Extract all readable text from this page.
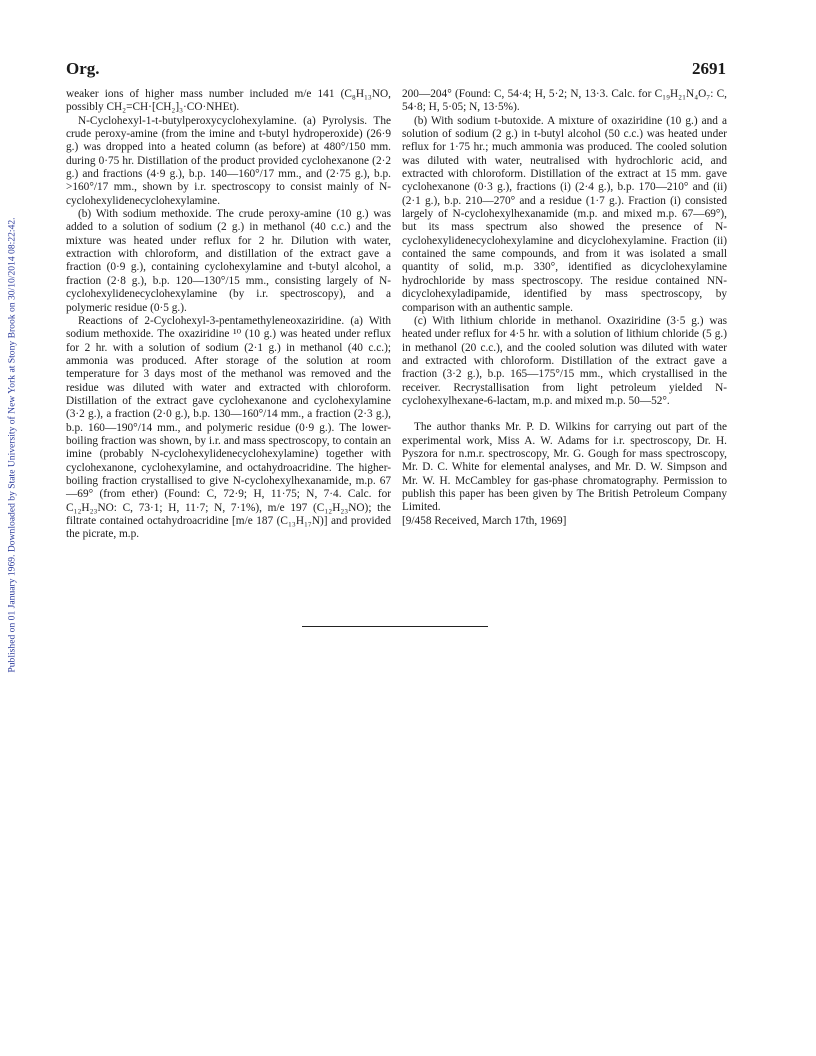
Published on 01 January 1969. Downloaded by State University of New York at Stony Brook on 30/10/2014 08:22:42.
Org.	2691

weaker ions of higher mass number included m/e 141 (C₈H₁₃NO, possibly CH₂=CH·[CH₂]₃·CO·NHEt).

N-Cyclohexyl-1-t-butylperoxycyclohexylamine. (a) Pyrolysis. The crude peroxy-amine (from the imine and t-butyl hydroperoxide) (26·9 g.) was dropped into a heated column (as before) at 480°/150 mm. during 0·75 hr. Distillation of the product provided cyclohexanone (2·2 g.) and fractions (4·9 g.), b.p. 140—160°/17 mm., and (2·75 g.), b.p. >160°/17 mm., shown by i.r. spectroscopy to consist mainly of N-cyclohexylidenecyclohexylamine.

(b) With sodium methoxide. The crude peroxy-amine (10 g.) was added to a solution of sodium (2 g.) in methanol (40 c.c.) and the mixture was heated under reflux for 2 hr. Dilution with water, extraction with chloroform, and distillation of the extract gave a fraction (0·9 g.), containing cyclohexylamine and t-butyl alcohol, a fraction (2·8 g.), b.p. 120—130°/15 mm., consisting largely of N-cyclohexylidenecyclohexylamine (by i.r. spectroscopy), and a polymeric residue (0·5 g.).

Reactions of 2-Cyclohexyl-3-pentamethyleneoxaziridine. (a) With sodium methoxide. The oxaziridine ¹⁰ (10 g.) was heated under reflux for 2 hr. with a solution of sodium (2·1 g.) in methanol (40 c.c.); ammonia was produced. After storage of the solution at room temperature for 3 days most of the methanol was removed and the residue was diluted with water and extracted with chloroform. Distillation of the extract gave cyclohexanone and cyclohexylamine (3·2 g.), a fraction (2·0 g.), b.p. 130—160°/14 mm., a fraction (2·3 g.), b.p. 160—190°/14 mm., and polymeric residue (0·9 g.). The lower-boiling fraction was shown, by i.r. and mass spectroscopy, to contain an imine (probably N-cyclohexylidenecyclohexylamine) together with cyclohexanone, cyclohexylamine, and octahydroacridine. The higher-boiling fraction crystallised to give N-cyclohexylhexanamide, m.p. 67—69° (from ether) (Found: C, 72·9; H, 11·75; N, 7·4. Calc. for C₁₂H₂₃NO: C, 73·1; H, 11·7; N, 7·1%), m/e 197 (C₁₂H₂₃NO); the filtrate contained octahydroacridine [m/e 187 (C₁₃H₁₇N)] and provided the picrate, m.p.

200—204° (Found: C, 54·4; H, 5·2; N, 13·3. Calc. for C₁₉H₂₁N₄O₇: C, 54·8; H, 5·05; N, 13·5%).

(b) With sodium t-butoxide. A mixture of oxaziridine (10 g.) and a solution of sodium (2 g.) in t-butyl alcohol (50 c.c.) was heated under reflux for 1·75 hr.; much ammonia was produced. The cooled solution was diluted with water, neutralised with hydrochloric acid, and extracted with chloroform. Distillation of the extract at 15 mm. gave cyclohexanone (0·3 g.), fractions (i) (2·4 g.), b.p. 170—210° and (ii) (2·1 g.), b.p. 210—270° and a residue (1·7 g.). Fraction (i) consisted largely of N-cyclohexylhexanamide (m.p. and mixed m.p. 67—69°), but its mass spectrum also showed the presence of N-cyclohexylidenecyclohexylamine and dicyclohexylamine. Fraction (ii) contained the same compounds, and from it was isolated a small quantity of solid, m.p. 330°, identified as dicyclohexylamine hydrochloride by mass spectroscopy. The residue contained NN-dicyclohexyladipamide, identified by mass spectroscopy, by comparison with an authentic sample.

(c) With lithium chloride in methanol. Oxaziridine (3·5 g.) was heated under reflux for 4·5 hr. with a solution of lithium chloride (5 g.) in methanol (20 c.c.), and the cooled solution was diluted with water and extracted with chloroform. Distillation of the extract gave a fraction (3·2 g.), b.p. 165—175°/15 mm., which crystallised in the receiver. Recrystallisation from light petroleum yielded N-cyclohexylhexane-6-lactam, m.p. and mixed m.p. 50—52°.

The author thanks Mr. P. D. Wilkins for carrying out part of the experimental work, Miss A. W. Adams for i.r. spectroscopy, Dr. H. Pyszora for n.m.r. spectroscopy, Mr. G. Gough for mass spectroscopy, Mr. D. C. White for elemental analyses, and Mr. D. W. Simpson and Mr. W. H. McCambley for gas-phase chromatography. Permission to publish this paper has been given by The British Petroleum Company Limited.

[9/458 Received, March 17th, 1969]
